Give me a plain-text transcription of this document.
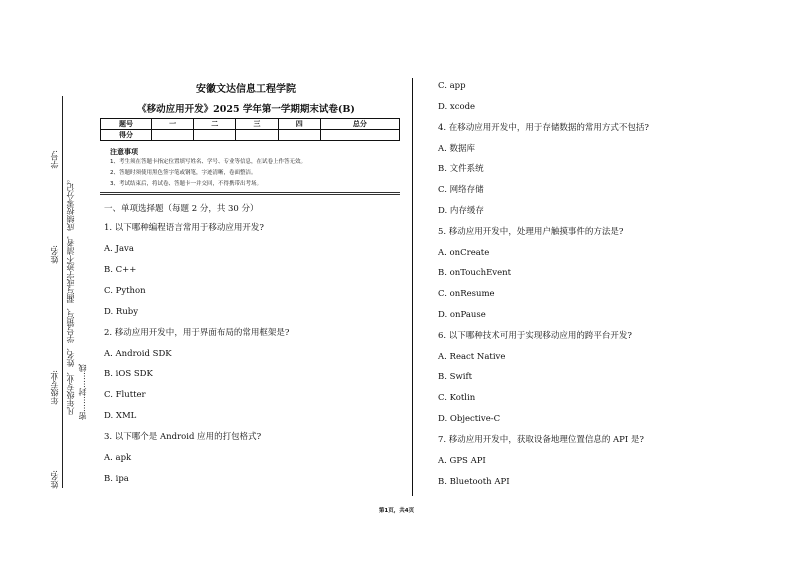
学号:
姓名:
年级专业:
姓名:
凡年级专业、姓名、学号错写、漏写或字迹不清者，成绩按零分记。 密……封……线
安徽文达信息工程学院
《移动应用开发》2025 学年第一学期期末试卷(B)
题号	一	二	三	四	总分
得分					
注意事项
1、考生须在答题卡指定位置填写姓名、学号、专业等信息，在试卷上作答无效。
2、答题时须使用黑色签字笔或钢笔，字迹清晰，卷面整洁。
3、考试结束后，将试卷、答题卡一并交回，不得携带出考场。
一、单项选择题（每题 2 分，共 30 分）
1. 以下哪种编程语言常用于移动应用开发?
A. Java
B. C++
C. Python
D. Ruby
2. 移动应用开发中，用于界面布局的常用框架是?
A. Android SDK
B. iOS SDK
C. Flutter
D. XML
3. 以下哪个是 Android 应用的打包格式?
A. apk
B. ipa
C. app
D. xcode
4. 在移动应用开发中，用于存储数据的常用方式不包括?
A. 数据库
B. 文件系统
C. 网络存储
D. 内存缓存
5. 移动应用开发中，处理用户触摸事件的方法是?
A. onCreate
B. onTouchEvent
C. onResume
D. onPause
6. 以下哪种技术可用于实现移动应用的跨平台开发?
A. React Native
B. Swift
C. Kotlin
D. Objective-C
7. 移动应用开发中，获取设备地理位置信息的 API 是?
A. GPS API
B. Bluetooth API
第1页，共4页
